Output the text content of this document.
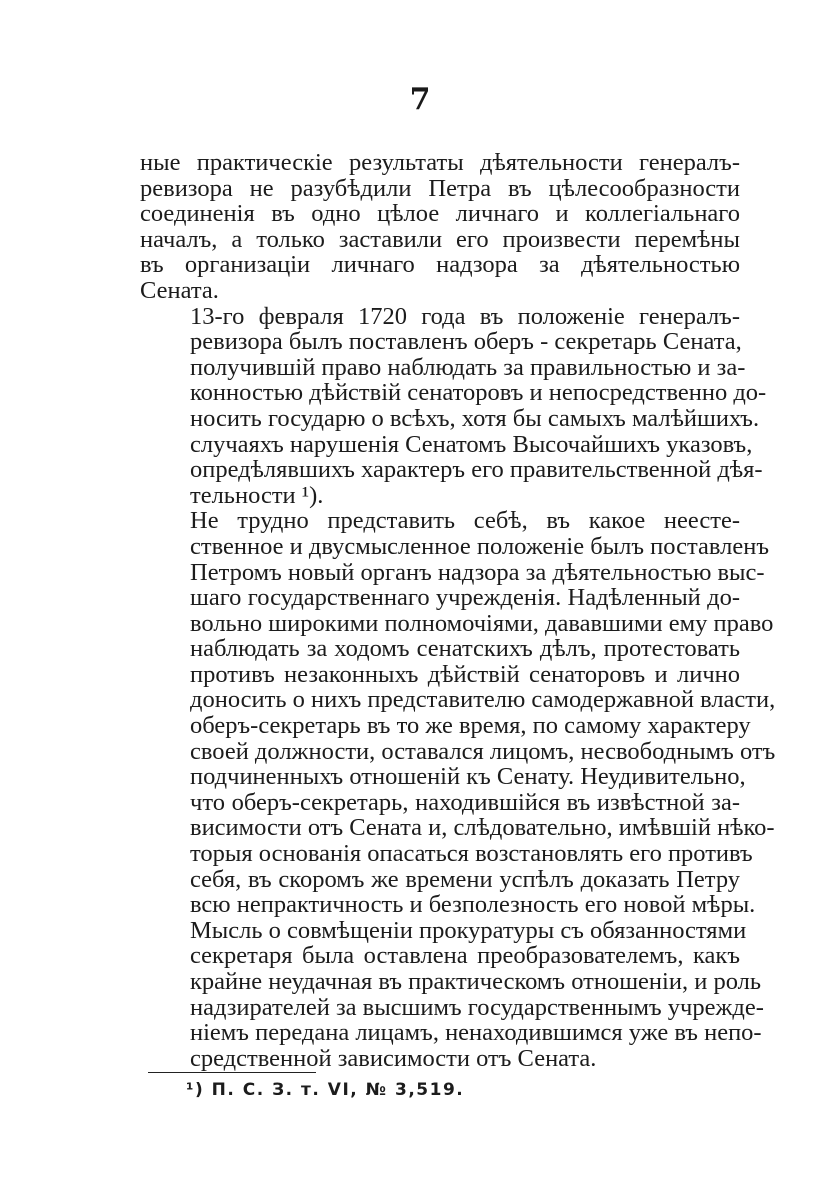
7

ные практическіе результаты дѣятельности генералъ-
ревизора не разубѣдили Петра въ цѣлесообразности
соединенія въ одно цѣлое личнаго и коллегіальнаго
началъ, а только заставили его произвести перемѣны
въ организаціи личнаго надзора за дѣятельностью
Сената.

13-го февраля 1720 года въ положеніе генералъ-
ревизора былъ поставленъ оберъ - секретарь Сената,
получившій право наблюдать за правильностью и за-
конностью дѣйствій сенаторовъ и непосредственно до-
носить государю о всѣхъ, хотя бы самыхъ малѣйшихъ.
случаяхъ нарушенія Сенатомъ Высочайшихъ указовъ,
опредѣлявшихъ характеръ его правительственной дѣя-
тельности ¹).

Не трудно представить себѣ, въ какое неесте-
ственное и двусмысленное положеніе былъ поставленъ
Петромъ новый органъ надзора за дѣятельностью выс-
шаго государственнаго учрежденія. Надѣленный до-
вольно широкими полномочіями, дававшими ему право
наблюдать за ходомъ сенатскихъ дѣлъ, протестовать
противъ незаконныхъ дѣйствій сенаторовъ и лично
доносить о нихъ представителю самодержавной власти,
оберъ-секретарь въ то же время, по самому характеру
своей должности, оставался лицомъ, несвободнымъ отъ
подчиненныхъ отношеній къ Сенату. Неудивительно,
что оберъ-секретарь, находившійся въ извѣстной за-
висимости отъ Сената и, слѣдовательно, имѣвшій нѣко-
торыя основанія опасаться возстановлять его противъ
себя, въ скоромъ же времени успѣлъ доказать Петру
всю непрактичность и безполезность его новой мѣры.
Мысль о совмѣщеніи прокуратуры съ обязанностями
секретаря была оставлена преобразователемъ, какъ
крайне неудачная въ практическомъ отношеніи, и роль
надзирателей за высшимъ государственнымъ учрежде-
ніемъ передана лицамъ, ненаходившимся уже въ непо-
средственной зависимости отъ Сената.

¹) П. С. З. т. VI, № 3,519.
